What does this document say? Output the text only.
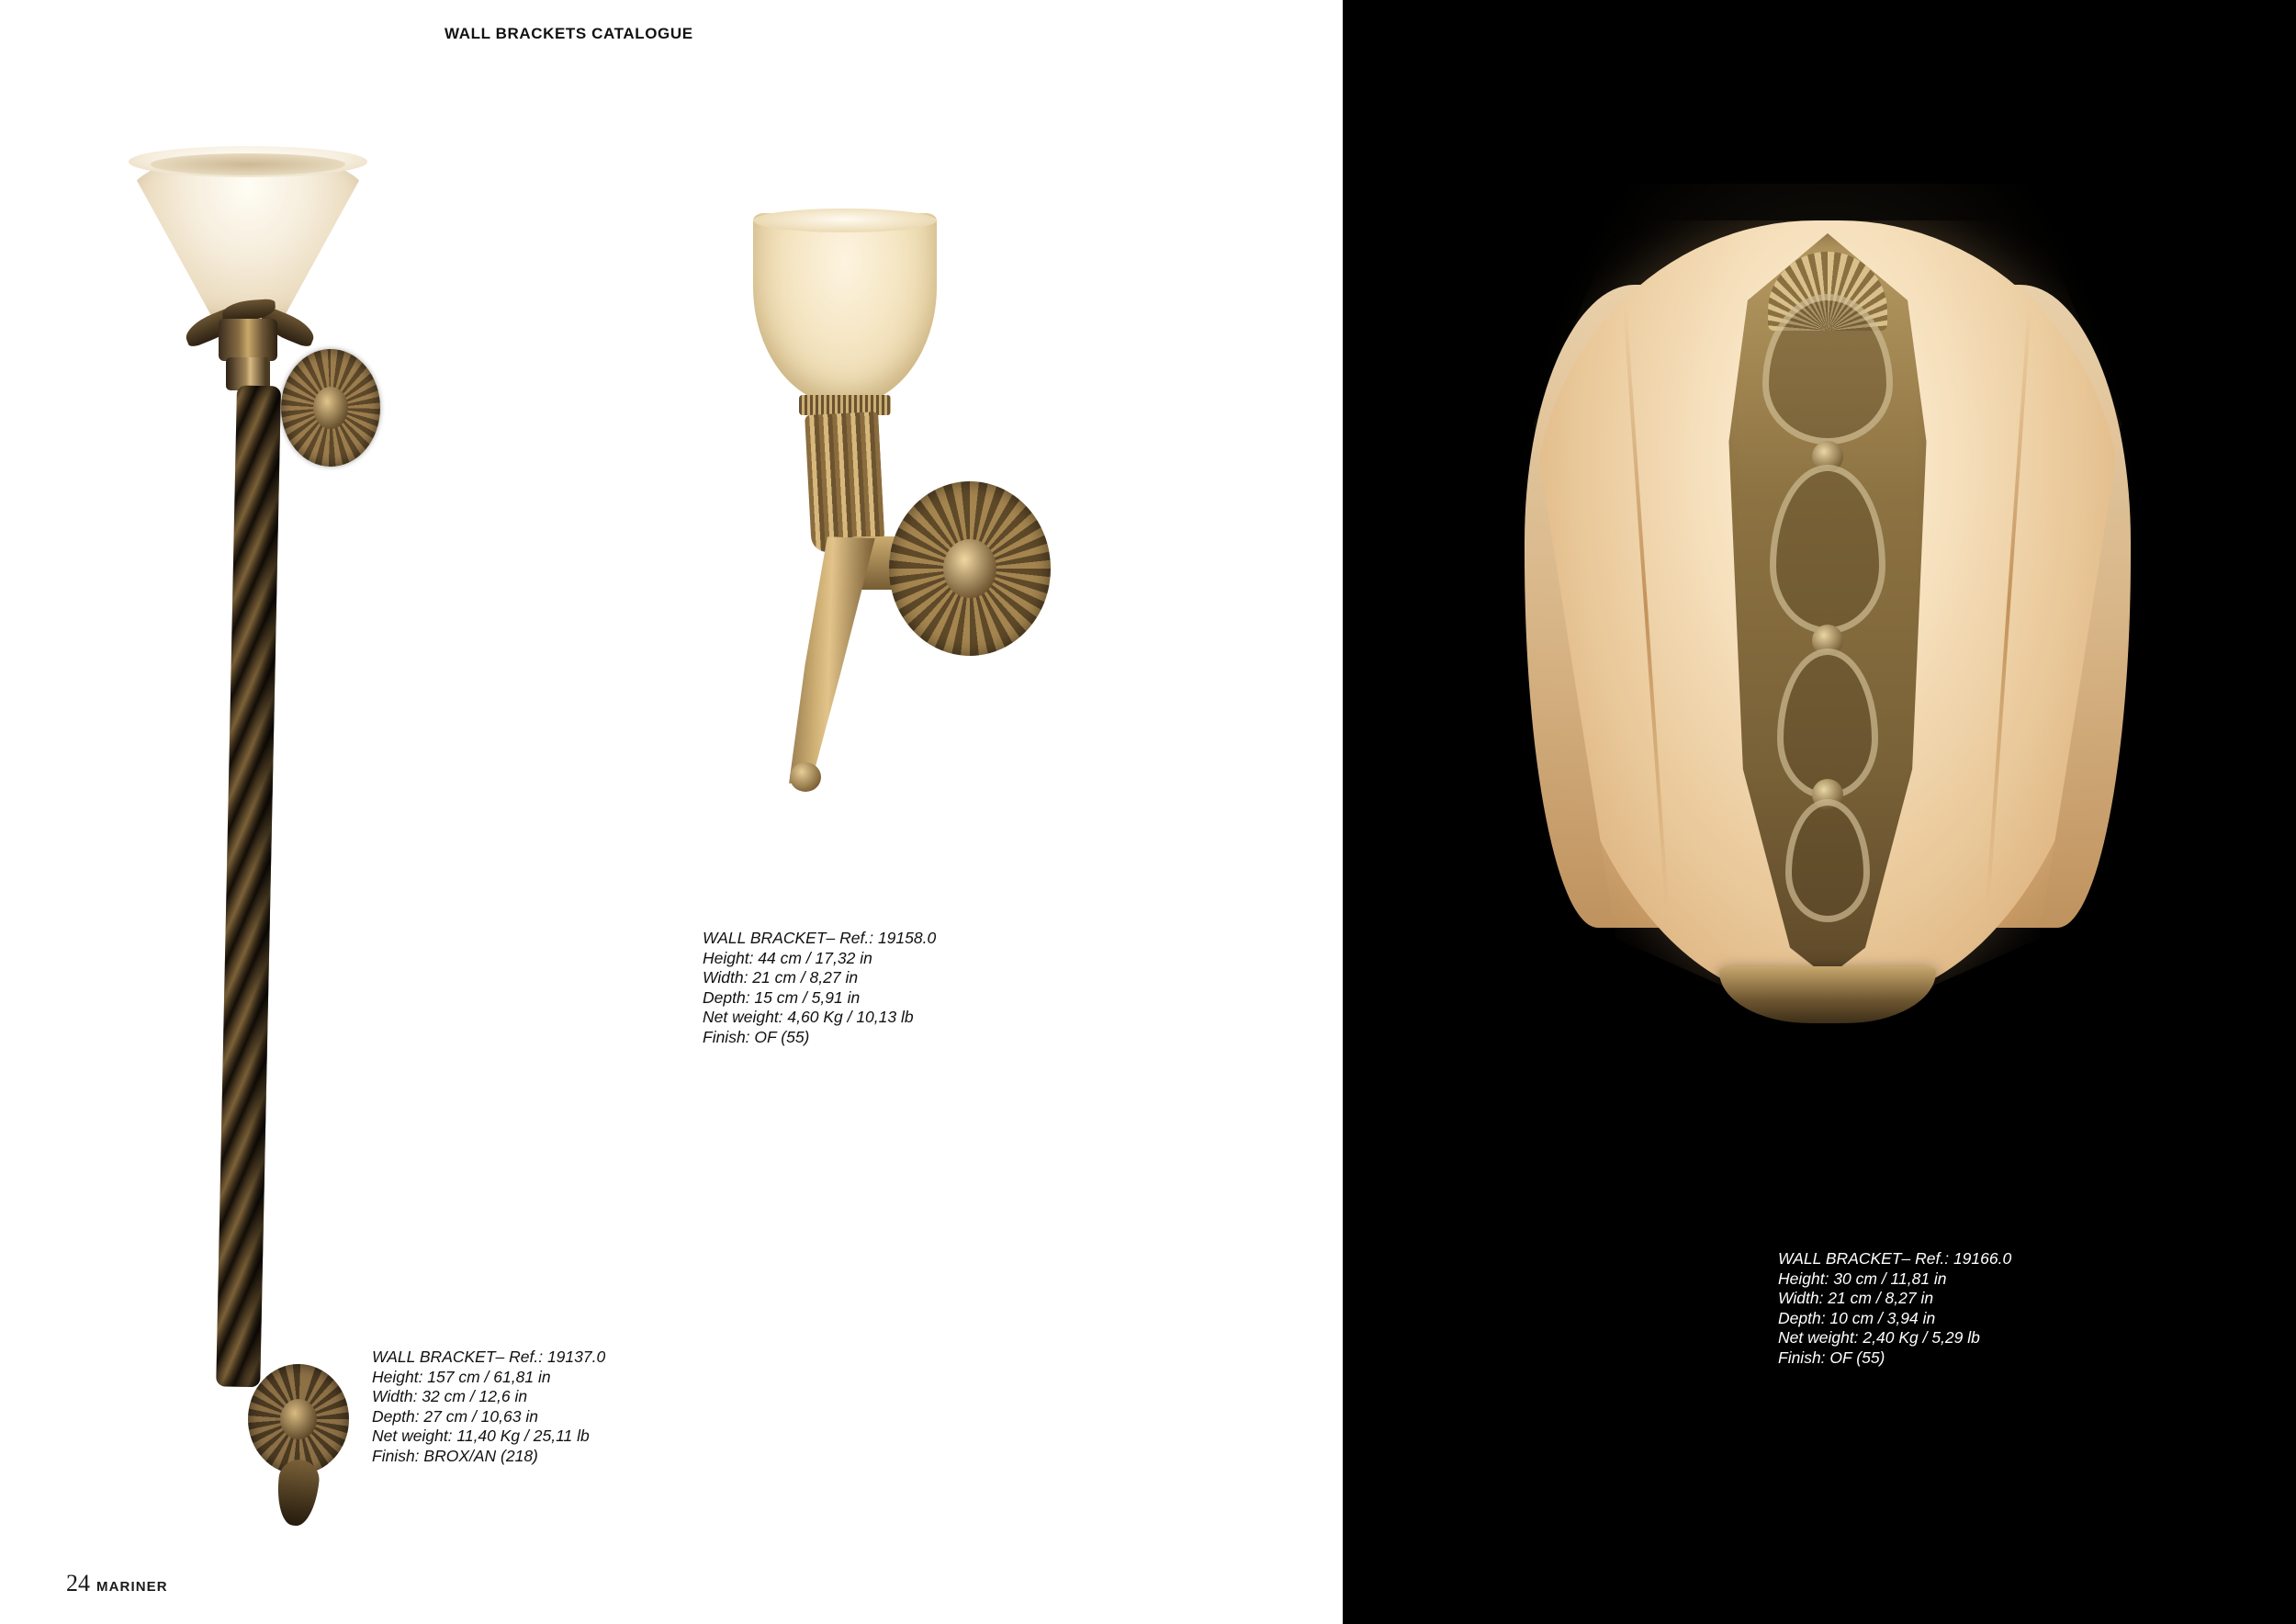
WALL BRACKETS CATALOGUE
WALL BRACKET– Ref.: 19137.0
Height: 157 cm / 61,81 in
Width: 32 cm / 12,6 in
Depth: 27 cm / 10,63 in
Net weight: 11,40 Kg / 25,11 lb
Finish: BROX/AN (218)
WALL BRACKET– Ref.: 19158.0
Height: 44 cm / 17,32 in
Width: 21 cm / 8,27 in
Depth: 15 cm / 5,91 in
Net weight: 4,60 Kg / 10,13 lb
Finish: OF (55)
WALL BRACKET– Ref.: 19166.0
Height: 30 cm / 11,81 in
Width: 21 cm / 8,27 in
Depth: 10 cm / 3,94 in
Net weight: 2,40 Kg / 5,29 lb
Finish: OF (55)
24 MARINER
